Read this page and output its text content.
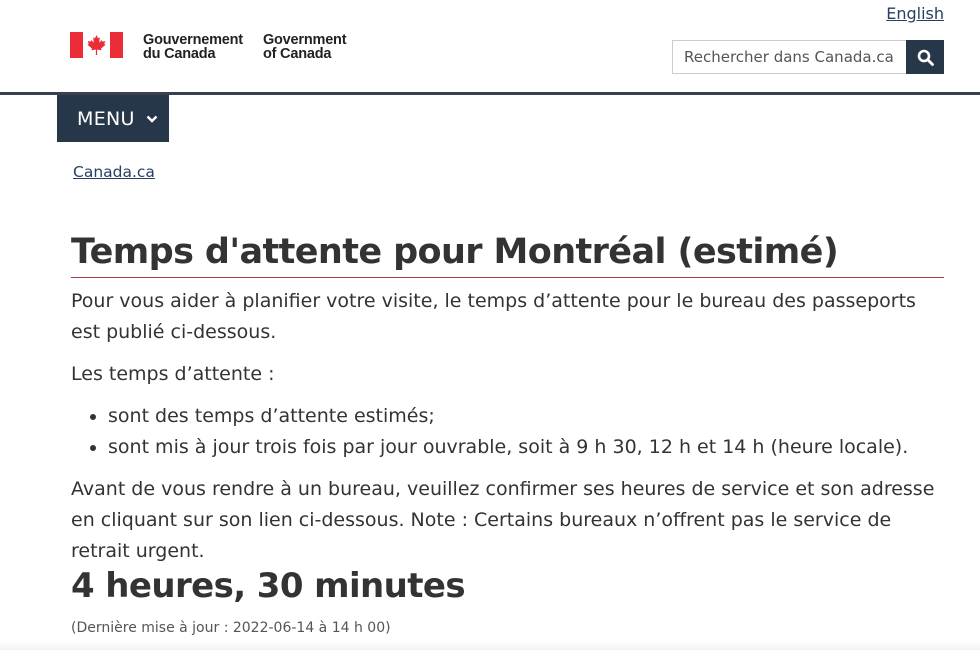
English
Gouvernement
du Canada
Government
of Canada
Rechercher dans Canada.ca
MENU
Canada.ca
Temps d'attente pour Montréal (estimé)

Pour vous aider à planifier votre visite, le temps d’attente pour le bureau des passeports est publié ci-dessous.

Les temps d’attente :

• sont des temps d’attente estimés;
• sont mis à jour trois fois par jour ouvrable, soit à 9 h 30, 12 h et 14 h (heure locale).

Avant de vous rendre à un bureau, veuillez confirmer ses heures de service et son adresse en cliquant sur son lien ci-dessous. Note : Certains bureaux n’offrent pas le service de retrait urgent.

4 heures, 30 minutes
(Dernière mise à jour : 2022-06-14 à 14 h 00)
